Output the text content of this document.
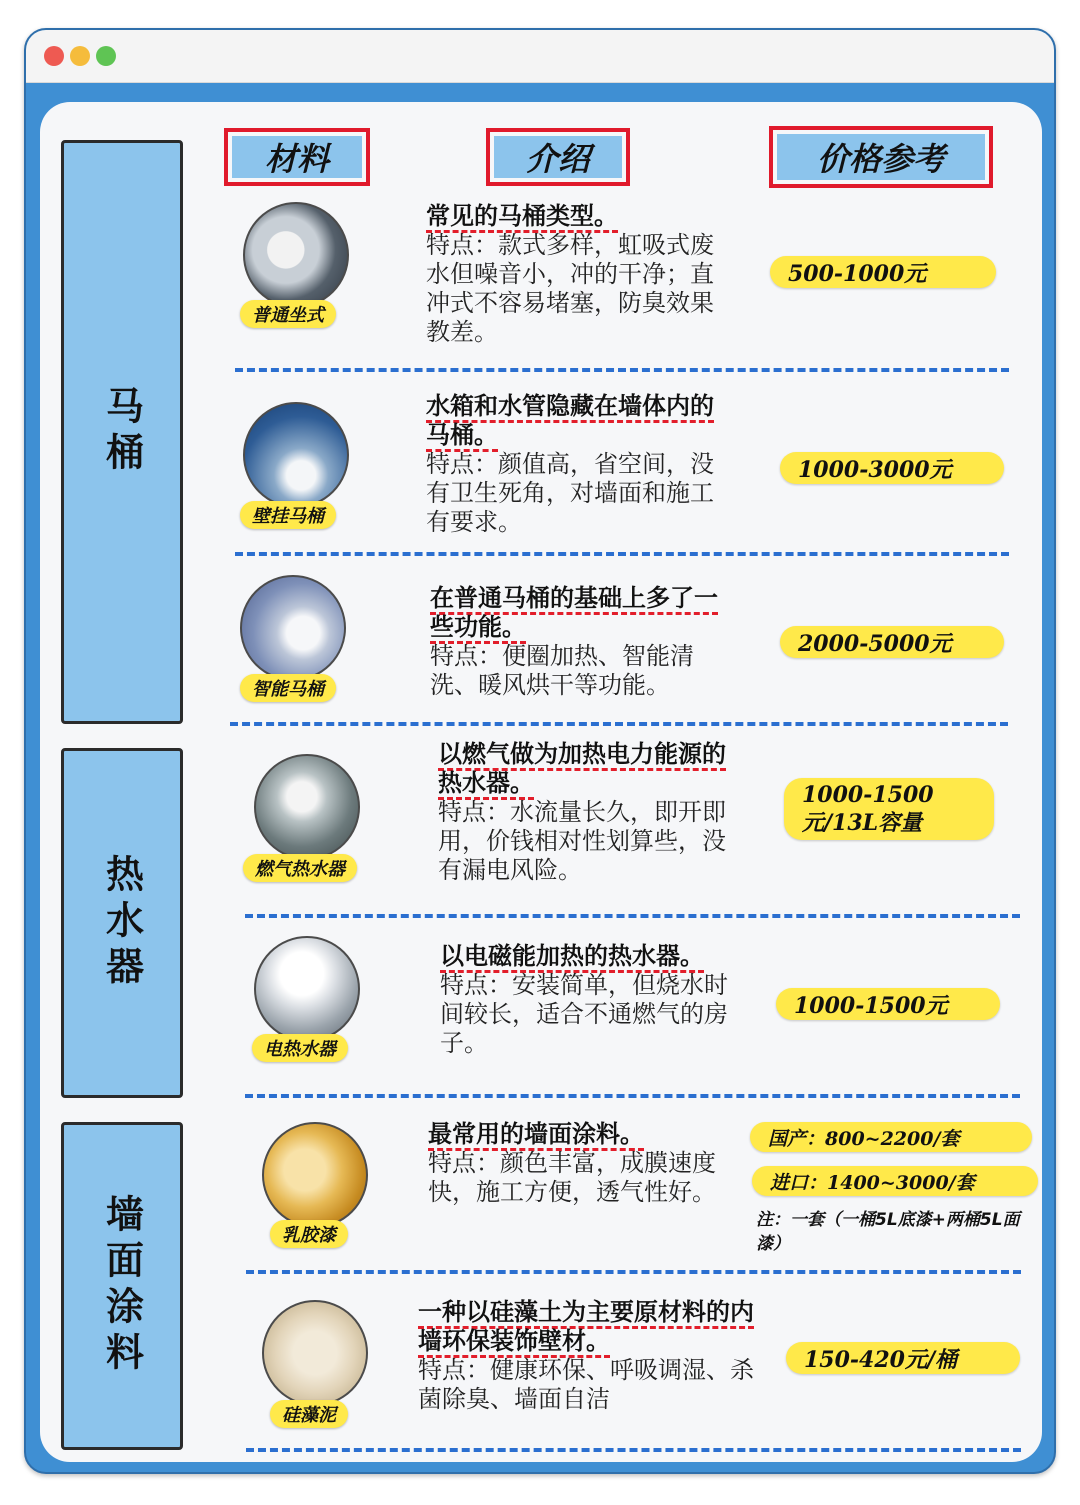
马桶
热水器
墙面涂料
材料	介绍	价格参考
普通坐式
常见的马桶类型。
特点：款式多样，虹吸式废水但噪音小，冲的干净；直冲式不容易堵塞，防臭效果教差。
500-1000元
壁挂马桶
水箱和水管隐藏在墙体内的马桶。
特点：颜值高，省空间，没有卫生死角，对墙面和施工有要求。
1000-3000元
智能马桶
在普通马桶的基础上多了一些功能。
特点：便圈加热、智能清洗、暖风烘干等功能。
2000-5000元
燃气热水器
以燃气做为加热电力能源的热水器。
特点：水流量长久，即开即用，价钱相对性划算些，没有漏电风险。
1000-1500元/13L容量
电热水器
以电磁能加热的热水器。
特点：安装简单，但烧水时间较长，适合不通燃气的房子。
1000-1500元
乳胶漆
最常用的墙面涂料。
特点：颜色丰富，成膜速度快，施工方便，透气性好。
国产：800~2200/套
进口：1400~3000/套
注：一套（一桶5L底漆+两桶5L面漆）
硅藻泥
一种以硅藻土为主要原材料的内墙环保装饰壁材。
特点：健康环保、呼吸调湿、杀菌除臭、墙面自洁
150-420元/桶
